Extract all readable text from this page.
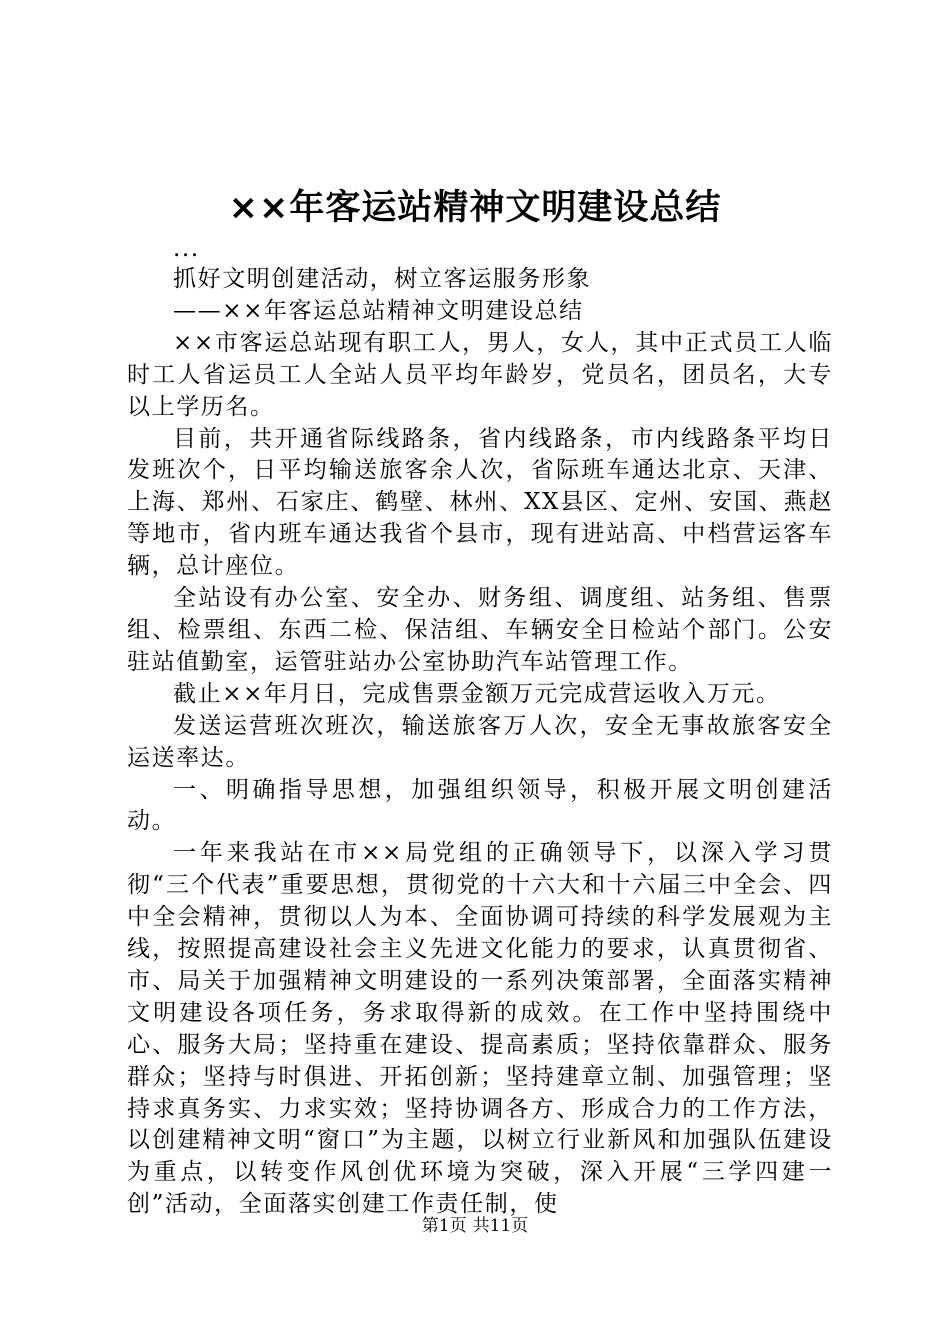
××年客运站精神文明建设总结

...

抓好文明创建活动，树立客运服务形象

——××年客运总站精神文明建设总结

××市客运总站现有职工人，男人，女人，其中正式员工人临时工人省运员工人全站人员平均年龄岁，党员名，团员名，大专以上学历名。

目前，共开通省际线路条，省内线路条，市内线路条平均日发班次个，日平均输送旅客余人次，省际班车通达北京、天津、上海、郑州、石家庄、鹤壁、林州、XX县区、定州、安国、燕赵等地市，省内班车通达我省个县市，现有进站高、中档营运客车辆，总计座位。

全站设有办公室、安全办、财务组、调度组、站务组、售票组、检票组、东西二检、保洁组、车辆安全日检站个部门。公安驻站值勤室，运管驻站办公室协助汽车站管理工作。

截止××年月日，完成售票金额万元完成营运收入万元。

发送运营班次班次，输送旅客万人次，安全无事故旅客安全运送率达。

一、明确指导思想，加强组织领导，积极开展文明创建活动。

一年来我站在市××局党组的正确领导下，以深入学习贯彻“三个代表”重要思想，贯彻党的十六大和十六届三中全会、四中全会精神，贯彻以人为本、全面协调可持续的科学发展观为主线，按照提高建设社会主义先进文化能力的要求，认真贯彻省、市、局关于加强精神文明建设的一系列决策部署，全面落实精神文明建设各项任务，务求取得新的成效。在工作中坚持围绕中心、服务大局；坚持重在建设、提高素质；坚持依靠群众、服务群众；坚持与时俱进、开拓创新；坚持建章立制、加强管理；坚持求真务实、力求实效；坚持协调各方、形成合力的工作方法，以创建精神文明“窗口”为主题，以树立行业新风和加强队伍建设为重点，以转变作风创优环境为突破，深入开展“三学四建一创”活动，全面落实创建工作责任制，使

第1页 共11页
